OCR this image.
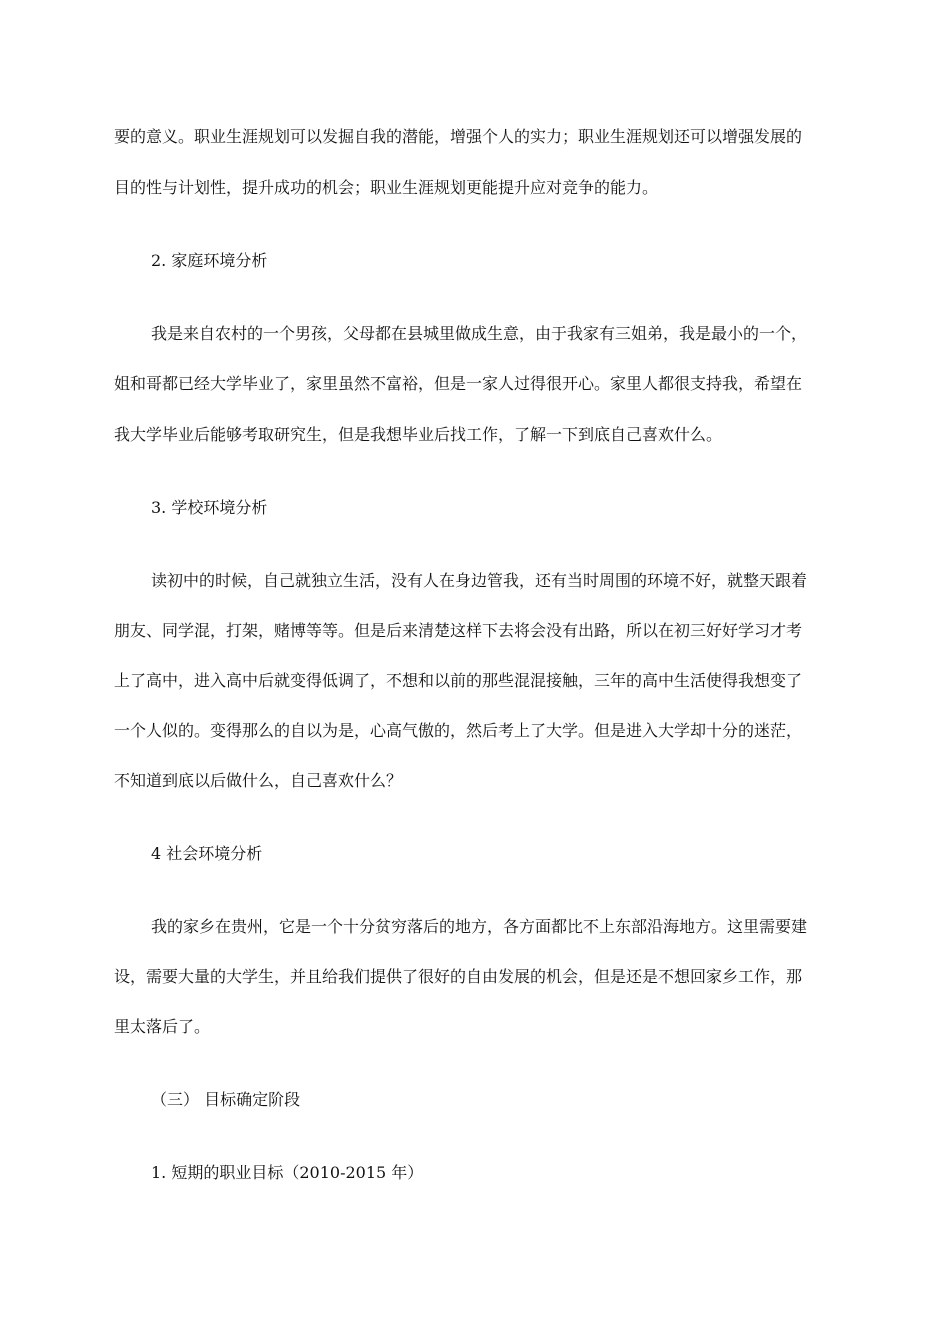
要的意义。职业生涯规划可以发掘自我的潜能，增强个人的实力；职业生涯规划还可以增强发展的
目的性与计划性，提升成功的机会；职业生涯规划更能提升应对竞争的能力。
2. 家庭环境分析
我是来自农村的一个男孩，父母都在县城里做成生意，由于我家有三姐弟，我是最小的一个，
姐和哥都已经大学毕业了，家里虽然不富裕，但是一家人过得很开心。家里人都很支持我，希望在
我大学毕业后能够考取研究生，但是我想毕业后找工作，了解一下到底自己喜欢什么。
3. 学校环境分析
读初中的时候，自己就独立生活，没有人在身边管我，还有当时周围的环境不好，就整天跟着
朋友、同学混，打架，赌博等等。但是后来清楚这样下去将会没有出路，所以在初三好好学习才考
上了高中，进入高中后就变得低调了，不想和以前的那些混混接触，三年的高中生活使得我想变了
一个人似的。变得那么的自以为是，心高气傲的，然后考上了大学。但是进入大学却十分的迷茫，
不知道到底以后做什么，自己喜欢什么？
4 社会环境分析
我的家乡在贵州，它是一个十分贫穷落后的地方，各方面都比不上东部沿海地方。这里需要建
设，需要大量的大学生，并且给我们提供了很好的自由发展的机会，但是还是不想回家乡工作，那
里太落后了。
（三） 目标确定阶段
1. 短期的职业目标（2010-2015 年）
